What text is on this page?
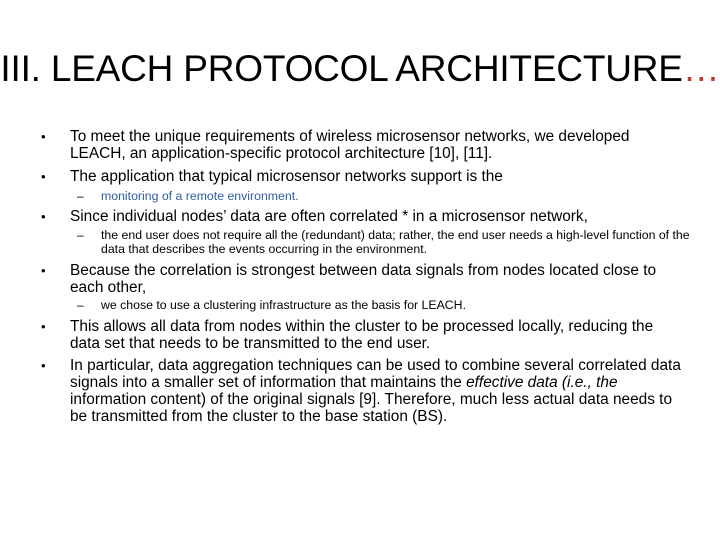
III. LEACH PROTOCOL ARCHITECTURE…
• To meet the unique requirements of wireless microsensor networks, we developed LEACH, an application-specific protocol architecture [10], [11].
• The application that typical microsensor networks support is the
– monitoring of a remote environment.
• Since individual nodes’ data are often correlated * in a microsensor network,
– the end user does not require all the (redundant) data; rather, the end user needs a high-level function of the data that describes the events occurring in the environment.
• Because the correlation is strongest between data signals from nodes located close to each other,
– we chose to use a clustering infrastructure as the basis for LEACH.
• This allows all data from nodes within the cluster to be processed locally, reducing the data set that needs to be transmitted to the end user.
• In particular, data aggregation techniques can be used to combine several correlated data signals into a smaller set of information that maintains the effective data (i.e., the information content) of the original signals [9]. Therefore, much less actual data needs to be transmitted from the cluster to the base station (BS).
